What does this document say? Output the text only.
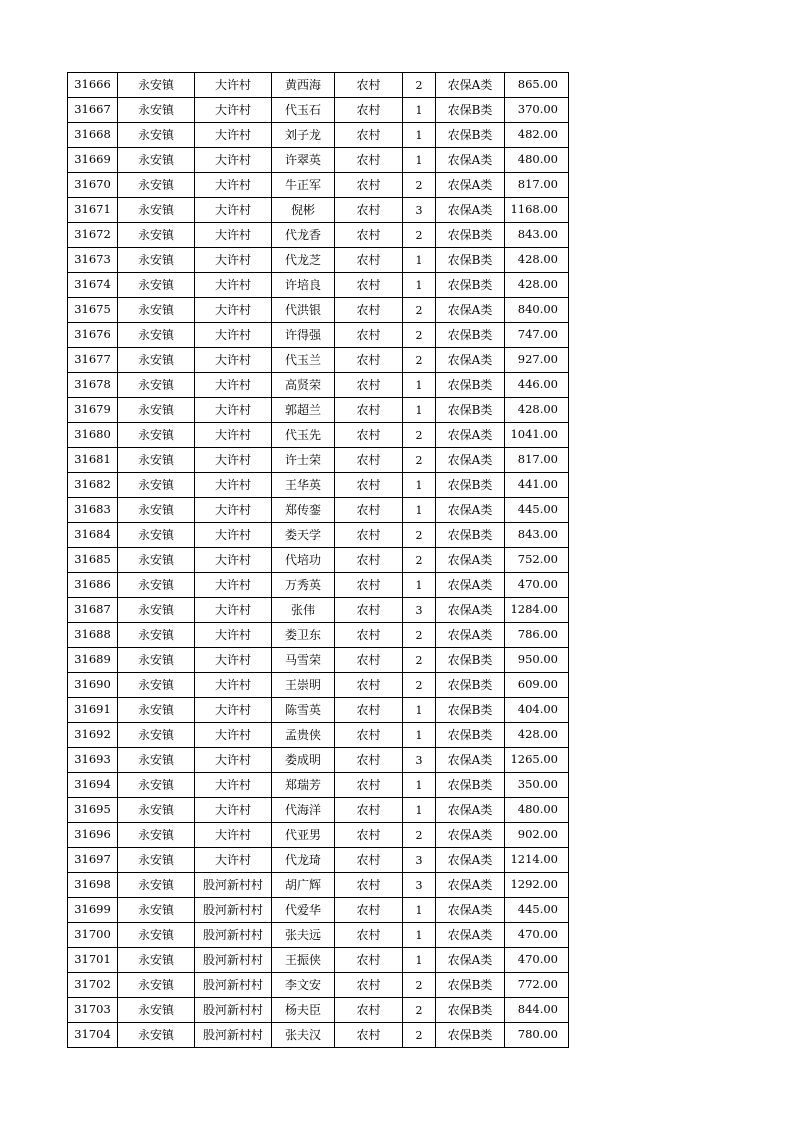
31666	永安镇	大许村	黄西海	农村	2	农保A类	865.00
31667	永安镇	大许村	代玉石	农村	1	农保B类	370.00
31668	永安镇	大许村	刘子龙	农村	1	农保B类	482.00
31669	永安镇	大许村	许翠英	农村	1	农保A类	480.00
31670	永安镇	大许村	牛正军	农村	2	农保A类	817.00
31671	永安镇	大许村	倪彬	农村	3	农保A类	1168.00
31672	永安镇	大许村	代龙香	农村	2	农保B类	843.00
31673	永安镇	大许村	代龙芝	农村	1	农保B类	428.00
31674	永安镇	大许村	许培良	农村	1	农保B类	428.00
31675	永安镇	大许村	代洪银	农村	2	农保A类	840.00
31676	永安镇	大许村	许得强	农村	2	农保B类	747.00
31677	永安镇	大许村	代玉兰	农村	2	农保A类	927.00
31678	永安镇	大许村	高贤荣	农村	1	农保B类	446.00
31679	永安镇	大许村	郭超兰	农村	1	农保B类	428.00
31680	永安镇	大许村	代玉先	农村	2	农保A类	1041.00
31681	永安镇	大许村	许士荣	农村	2	农保A类	817.00
31682	永安镇	大许村	王华英	农村	1	农保B类	441.00
31683	永安镇	大许村	郑传銮	农村	1	农保A类	445.00
31684	永安镇	大许村	娄天学	农村	2	农保B类	843.00
31685	永安镇	大许村	代培功	农村	2	农保A类	752.00
31686	永安镇	大许村	万秀英	农村	1	农保A类	470.00
31687	永安镇	大许村	张伟	农村	3	农保A类	1284.00
31688	永安镇	大许村	娄卫东	农村	2	农保A类	786.00
31689	永安镇	大许村	马雪荣	农村	2	农保B类	950.00
31690	永安镇	大许村	王崇明	农村	2	农保B类	609.00
31691	永安镇	大许村	陈雪英	农村	1	农保B类	404.00
31692	永安镇	大许村	孟贵侠	农村	1	农保B类	428.00
31693	永安镇	大许村	娄成明	农村	3	农保A类	1265.00
31694	永安镇	大许村	郑瑞芳	农村	1	农保B类	350.00
31695	永安镇	大许村	代海洋	农村	1	农保A类	480.00
31696	永安镇	大许村	代亚男	农村	2	农保A类	902.00
31697	永安镇	大许村	代龙琦	农村	3	农保A类	1214.00
31698	永安镇	股河新村村	胡广辉	农村	3	农保A类	1292.00
31699	永安镇	股河新村村	代爱华	农村	1	农保A类	445.00
31700	永安镇	股河新村村	张夫远	农村	1	农保A类	470.00
31701	永安镇	股河新村村	王振侠	农村	1	农保A类	470.00
31702	永安镇	股河新村村	李文安	农村	2	农保B类	772.00
31703	永安镇	股河新村村	杨夫臣	农村	2	农保B类	844.00
31704	永安镇	股河新村村	张夫汉	农村	2	农保B类	780.00
